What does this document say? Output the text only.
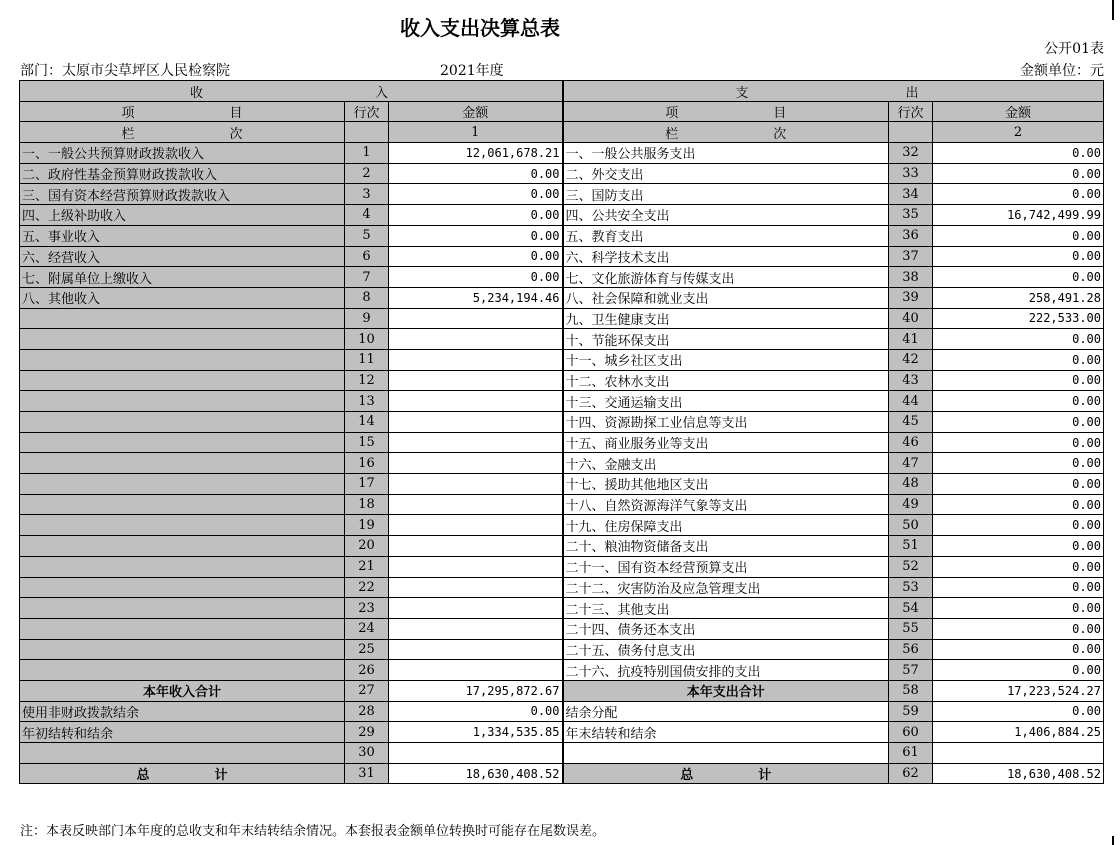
收入支出决算总表
公开01表
部门：太原市尖草坪区人民检察院	2021年度	金额单位：元
收 入			支 出		

项 目	行次	金额	项 目	行次	金额
栏 次		1	栏 次		2
一、一般公共预算财政拨款收入	1	12,061,678.21	一、一般公共服务支出	32	0.00
二、政府性基金预算财政拨款收入	2	0.00	二、外交支出	33	0.00
三、国有资本经营预算财政拨款收入	3	0.00	三、国防支出	34	0.00
四、上级补助收入	4	0.00	四、公共安全支出	35	16,742,499.99
五、事业收入	5	0.00	五、教育支出	36	0.00
六、经营收入	6	0.00	六、科学技术支出	37	0.00
七、附属单位上缴收入	7	0.00	七、文化旅游体育与传媒支出	38	0.00
八、其他收入	8	5,234,194.46	八、社会保障和就业支出	39	258,491.28
	9		九、卫生健康支出	40	222,533.00
	10		十、节能环保支出	41	0.00
	11		十一、城乡社区支出	42	0.00
	12		十二、农林水支出	43	0.00
	13		十三、交通运输支出	44	0.00
	14		十四、资源勘探工业信息等支出	45	0.00
	15		十五、商业服务业等支出	46	0.00
	16		十六、金融支出	47	0.00
	17		十七、援助其他地区支出	48	0.00
	18		十八、自然资源海洋气象等支出	49	0.00
	19		十九、住房保障支出	50	0.00
	20		二十、粮油物资储备支出	51	0.00
	21		二十一、国有资本经营预算支出	52	0.00
	22		二十二、灾害防治及应急管理支出	53	0.00
	23		二十三、其他支出	54	0.00
	24		二十四、债务还本支出	55	0.00
	25		二十五、债务付息支出	56	0.00
	26		二十六、抗疫特别国债安排的支出	57	0.00
本年收入合计	27	17,295,872.67	本年支出合计	58	17,223,524.27
使用非财政拨款结余	28	0.00	结余分配	59	0.00
年初结转和结余	29	1,334,535.85	年末结转和结余	60	1,406,884.25
	30			61	
总　　　　　计	31	18,630,408.52	总　　　　　计	62	18,630,408.52
注：本表反映部门本年度的总收支和年末结转结余情况。本套报表金额单位转换时可能存在尾数误差。
